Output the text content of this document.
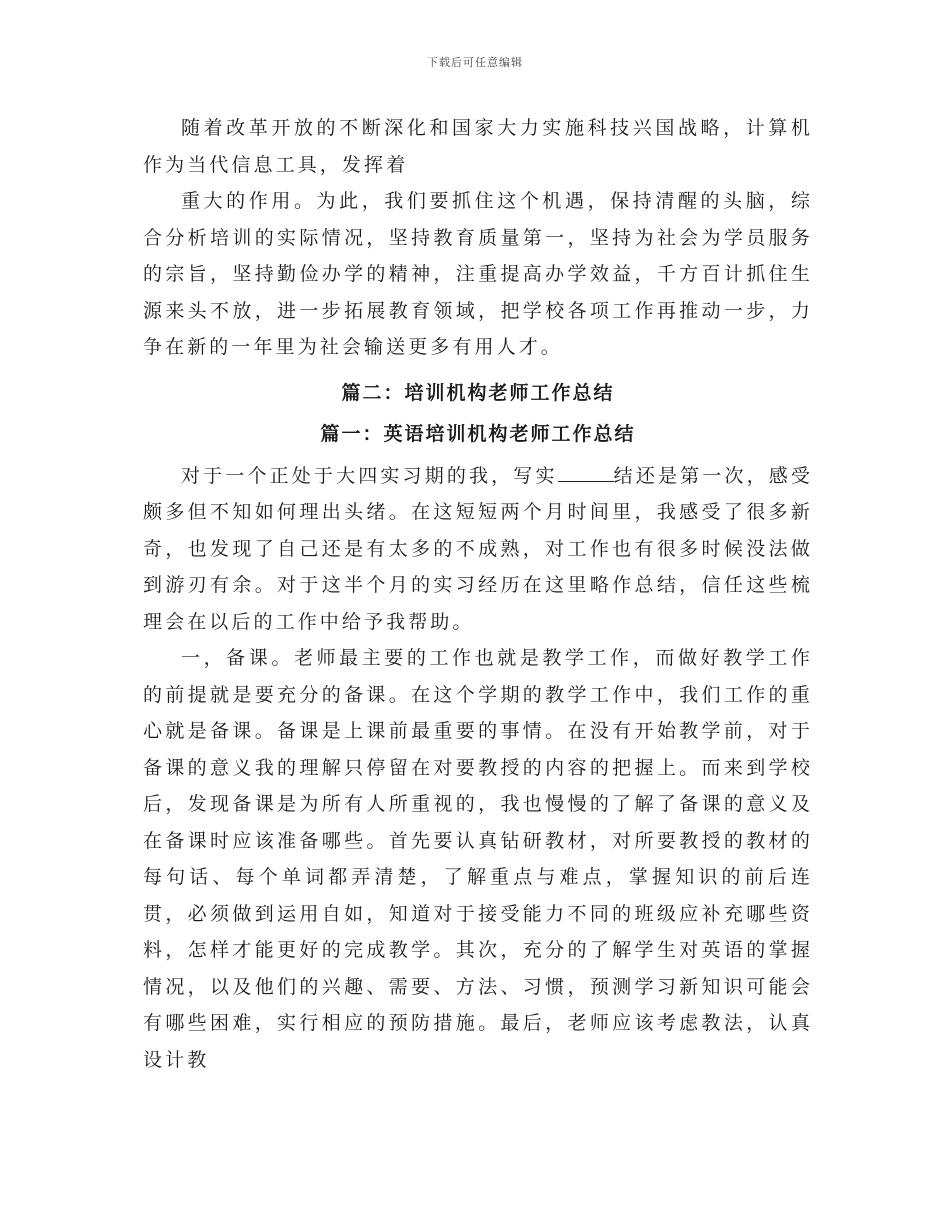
下载后可任意编辑

随着改革开放的不断深化和国家大力实施科技兴国战略，计算机作为当代信息工具，发挥着

重大的作用。为此，我们要抓住这个机遇，保持清醒的头脑，综合分析培训的实际情况，坚持教育质量第一，坚持为社会为学员服务的宗旨，坚持勤俭办学的精神，注重提高办学效益，千方百计抓住生源来头不放，进一步拓展教育领域，把学校各项工作再推动一步，力争在新的一年里为社会输送更多有用人才。

篇二：培训机构老师工作总结

篇一：英语培训机构老师工作总结

对于一个正处于大四实习期的我，写实	结还是第一次，感受颇多但不知如何理出头绪。在这短短两个月时间里，我感受了很多新奇，也发现了自己还是有太多的不成熟，对工作也有很多时候没法做到游刃有余。对于这半个月的实习经历在这里略作总结，信任这些梳理会在以后的工作中给予我帮助。

一，备课。老师最主要的工作也就是教学工作，而做好教学工作的前提就是要充分的备课。在这个学期的教学工作中，我们工作的重心就是备课。备课是上课前最重要的事情。在没有开始教学前，对于备课的意义我的理解只停留在对要教授的内容的把握上。而来到学校后，发现备课是为所有人所重视的，我也慢慢的了解了备课的意义及在备课时应该准备哪些。首先要认真钻研教材，对所要教授的教材的每句话、每个单词都弄清楚，了解重点与难点，掌握知识的前后连贯，必须做到运用自如，知道对于接受能力不同的班级应补充哪些资料，怎样才能更好的完成教学。其次，充分的了解学生对英语的掌握情况，以及他们的兴趣、需要、方法、习惯，预测学习新知识可能会有哪些困难，实行相应的预防措施。最后，老师应该考虑教法，认真设计教
